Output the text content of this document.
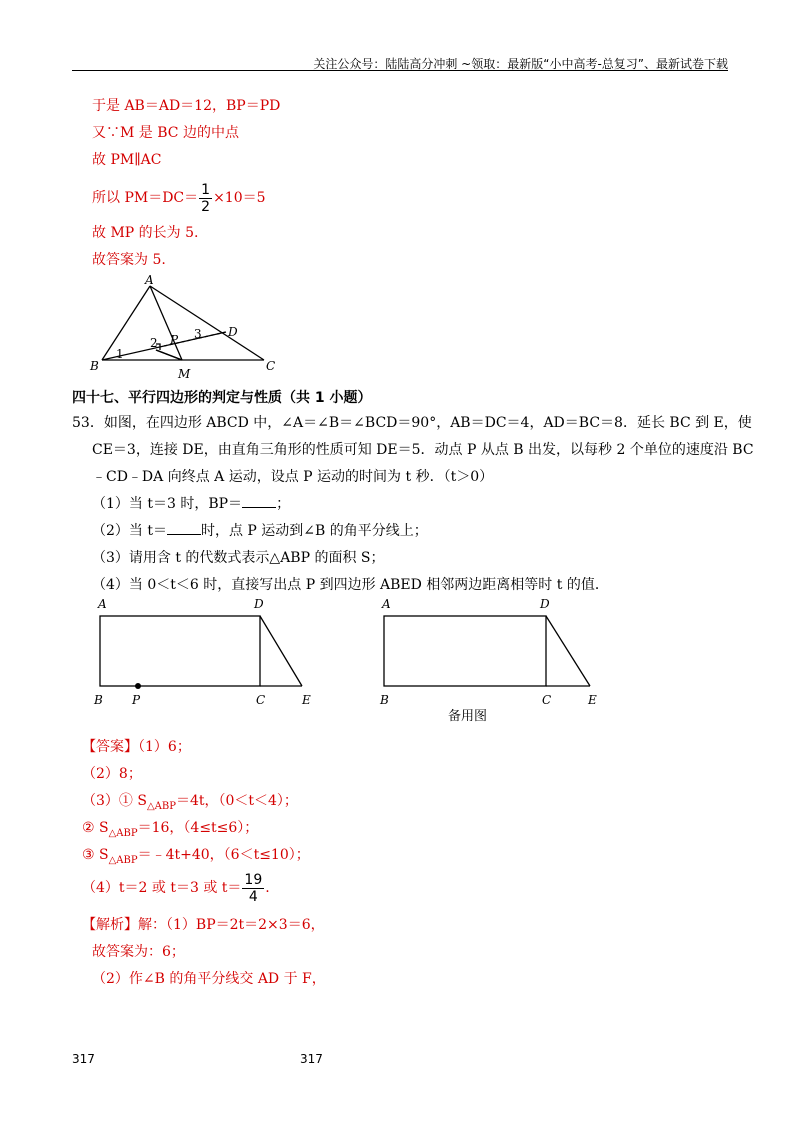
关注公众号：陆陆高分冲刺 ~领取：最新版“小中高考-总复习”、最新试卷下载
于是 AB＝AD＝12，BP＝PD
又∵M 是 BC 边的中点
故 PM∥AC
所以 $PM=DC= \frac{1}{2} \times 10=5$
故 MP 的长为 5.
故答案为 5.
A
B	C
D
M
P
1
2
3
四十七、平行四边形的判定与性质（共 1 小题）
53．如图，在四边形 ABCD 中，∠A＝∠B＝∠BCD＝90°，AB＝DC＝4，AD＝BC＝8．延长 BC 到 E，使
CE＝3，连接 DE，由直角三角形的性质可知 DE＝5．动点 P 从点 B 出发，以每秒 2 个单位的速度沿 BC
﹣CD﹣DA 向终点 A 运动，设点 P 运动的时间为 t 秒．（t＞0）
（1）当 t＝3 时，BP＝ ；
（2）当 t＝ 时，点 P 运动到∠B 的角平分线上；
（3）请用含 t 的代数式表示△ABP 的面积 S；
（4）当 0＜t＜6 时，直接写出点 P 到四边形 ABED 相邻两边距离相等时 t 的值．
A	D
B P	C	E
A	D
B	C	E
备用图
【答案】（1）6；
（2）8；
（3）① $S_{\triangle ABP}=4t$，（0＜t＜4）；
② $S_{\triangle ABP}=16$，（4≤t≤6）；
③ $S_{\triangle ABP}=﹣4t+40$，（6＜t≤10）；
（4）t＝2 或 t＝3 或 $t= \frac{19}{4}$ .
【解析】解：（1）BP＝2t＝2×3＝6，
故答案为：6；
（2）作∠B 的角平分线交 AD 于 F，
317	317
